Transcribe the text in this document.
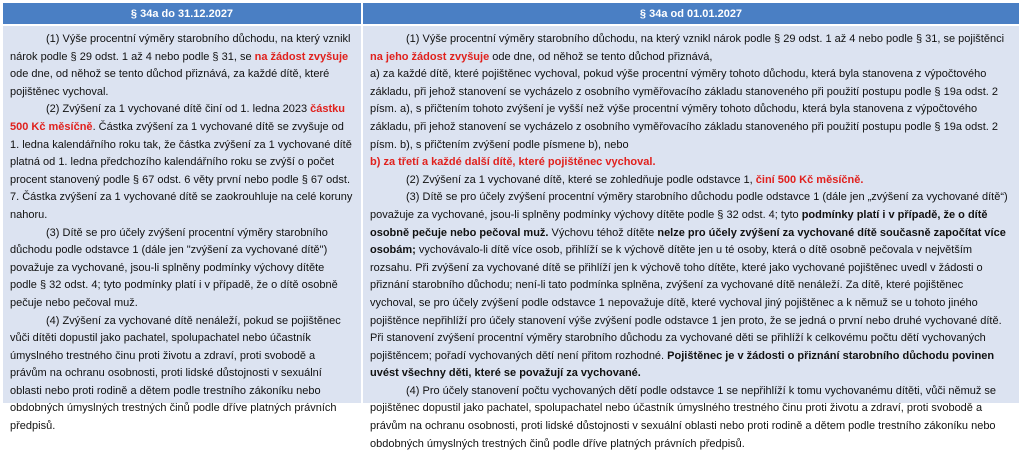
§ 34a do 31.12.2027	§ 34a od 01.01.2027

(1) Výše procentní výměry starobního důchodu, na který vznikl nárok podle § 29 odst. 1 až 4 nebo podle § 31, se na žádost zvyšuje ode dne, od něhož se tento důchod přiznává, za každé dítě, které pojištěnec vychoval.

(2) Zvýšení za 1 vychované dítě činí od 1. ledna 2023 částku 500 Kč měsíčně. Částka zvýšení za 1 vychované dítě se zvyšuje od 1. ledna kalendářního roku tak, že částka zvýšení za 1 vychované dítě platná od 1. ledna předchozího kalendářního roku se zvýší o počet procent stanovený podle § 67 odst. 6 věty první nebo podle § 67 odst. 7. Částka zvýšení za 1 vychované dítě se zaokrouhluje na celé koruny nahoru.

(3) Dítě se pro účely zvýšení procentní výměry starobního důchodu podle odstavce 1 (dále jen "zvýšení za vychované dítě") považuje za vychované, jsou-li splněny podmínky výchovy dítěte podle § 32 odst. 4; tyto podmínky platí i v případě, že o dítě osobně pečuje nebo pečoval muž.

(4) Zvýšení za vychované dítě nenáleží, pokud se pojištěnec vůči dítěti dopustil jako pachatel, spolupachatel nebo účastník úmyslného trestného činu proti životu a zdraví, proti svobodě a právům na ochranu osobnosti, proti lidské důstojnosti v sexuální oblasti nebo proti rodině a dětem podle trestního zákoníku nebo obdobných úmyslných trestných činů podle dříve platných právních předpisů.

(1) Výše procentní výměry starobního důchodu, na který vznikl nárok podle § 29 odst. 1 až 4 nebo podle § 31, se pojištěnci na jeho žádost zvyšuje ode dne, od něhož se tento důchod přiznává,

a) za každé dítě, které pojištěnec vychoval, pokud výše procentní výměry tohoto důchodu, která byla stanovena z výpočtového základu, při jehož stanovení se vycházelo z osobního vyměřovacího základu stanoveného při použití postupu podle § 19a odst. 2 písm. a), s přičtením tohoto zvýšení je vyšší než výše procentní výměry tohoto důchodu, která byla stanovena z výpočtového základu, při jehož stanovení se vycházelo z osobního vyměřovacího základu stanoveného při použití postupu podle § 19a odst. 2 písm. b), s přičtením zvýšení podle písmene b), nebo
b) za třetí a každé další dítě, které pojištěnec vychoval.

(2) Zvýšení za 1 vychované dítě, které se zohledňuje podle odstavce 1, činí 500 Kč měsíčně.

(3) Dítě se pro účely zvýšení procentní výměry starobního důchodu podle odstavce 1 (dále jen „zvýšení za vychované dítě“) považuje za vychované, jsou-li splněny podmínky výchovy dítěte podle § 32 odst. 4; tyto podmínky platí i v případě, že o dítě osobně pečuje nebo pečoval muž. Výchovu téhož dítěte nelze pro účely zvýšení za vychované dítě současně započítat více osobám; vychovávalo-li dítě více osob, přihlíží se k výchově dítěte jen u té osoby, která o dítě osobně pečovala v největším rozsahu. Při zvýšení za vychované dítě se přihlíží jen k výchově toho dítěte, které jako vychované pojištěnec uvedl v žádosti o přiznání starobního důchodu; není-li tato podmínka splněna, zvýšení za vychované dítě nenáleží. Za dítě, které pojištěnec vychoval, se pro účely zvýšení podle odstavce 1 nepovažuje dítě, které vychoval jiný pojištěnec a k němuž se u tohoto jiného pojištěnce nepřihlíží pro účely stanovení výše zvýšení podle odstavce 1 jen proto, že se jedná o první nebo druhé vychované dítě. Při stanovení zvýšení procentní výměry starobního důchodu za vychované děti se přihlíží k celkovému počtu dětí vychovaných pojištěncem; pořadí vychovaných dětí není přitom rozhodné. Pojištěnec je v žádosti o přiznání starobního důchodu povinen uvést všechny děti, které se považují za vychované.

(4) Pro účely stanovení počtu vychovaných dětí podle odstavce 1 se nepřihlíží k tomu vychovanému dítěti, vůči němuž se pojištěnec dopustil jako pachatel, spolupachatel nebo účastník úmyslného trestného činu proti životu a zdraví, proti svobodě a právům na ochranu osobnosti, proti lidské důstojnosti v sexuální oblasti nebo proti rodině a dětem podle trestního zákoníku nebo obdobných úmyslných trestných činů podle dříve platných právních předpisů.
